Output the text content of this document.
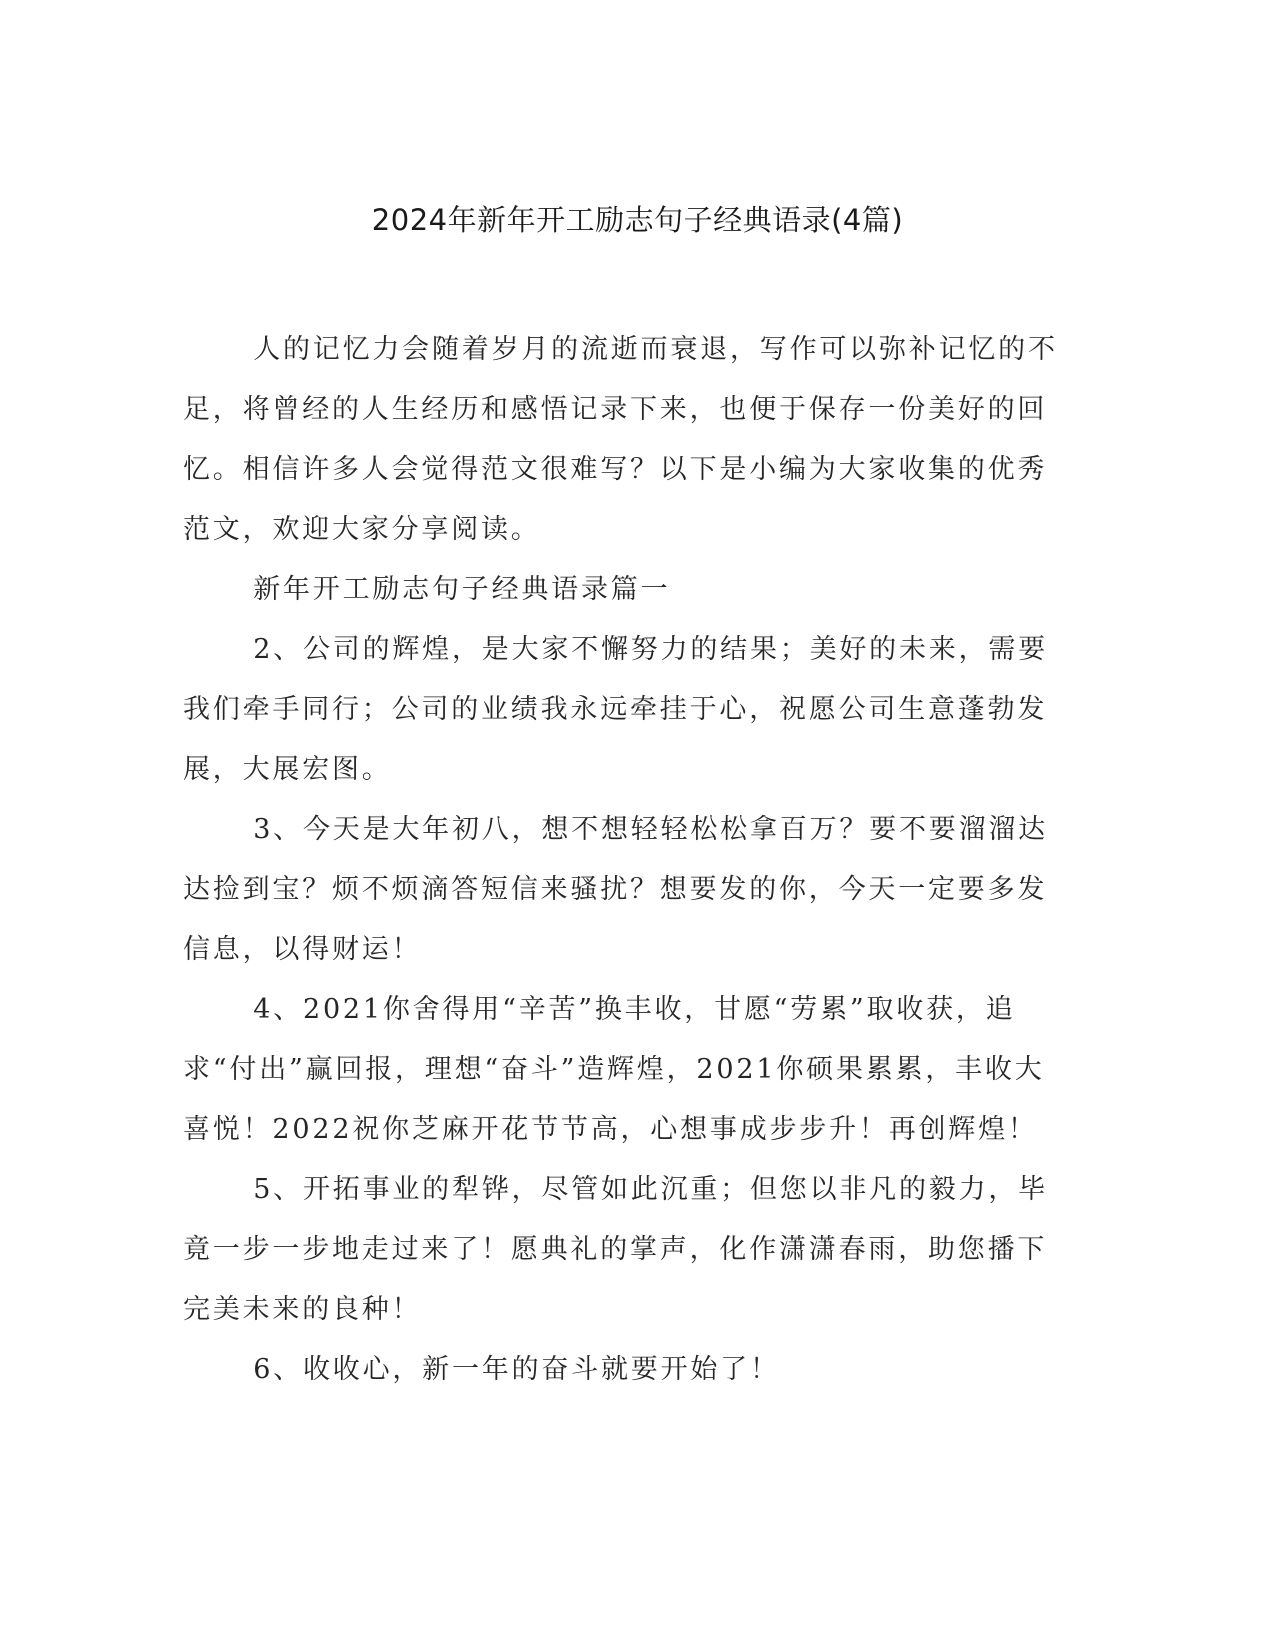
2024年新年开工励志句子经典语录(4篇)

人的记忆力会随着岁月的流逝而衰退，写作可以弥补记忆的不足，将曾经的人生经历和感悟记录下来，也便于保存一份美好的回忆。相信许多人会觉得范文很难写？以下是小编为大家收集的优秀范文，欢迎大家分享阅读。

新年开工励志句子经典语录篇一

2、公司的辉煌，是大家不懈努力的结果；美好的未来，需要我们牵手同行；公司的业绩我永远牵挂于心，祝愿公司生意蓬勃发展，大展宏图。

3、今天是大年初八，想不想轻轻松松拿百万？要不要溜溜达达捡到宝？烦不烦滴答短信来骚扰？想要发的你，今天一定要多发信息，以得财运！

4、2021你舍得用“辛苦”换丰收，甘愿“劳累”取收获，追求“付出”赢回报，理想“奋斗”造辉煌，2021你硕果累累，丰收大喜悦！2022祝你芝麻开花节节高，心想事成步步升！再创辉煌！

5、开拓事业的犁铧，尽管如此沉重；但您以非凡的毅力，毕竟一步一步地走过来了！愿典礼的掌声，化作潇潇春雨，助您播下完美未来的良种！

6、收收心，新一年的奋斗就要开始了！
